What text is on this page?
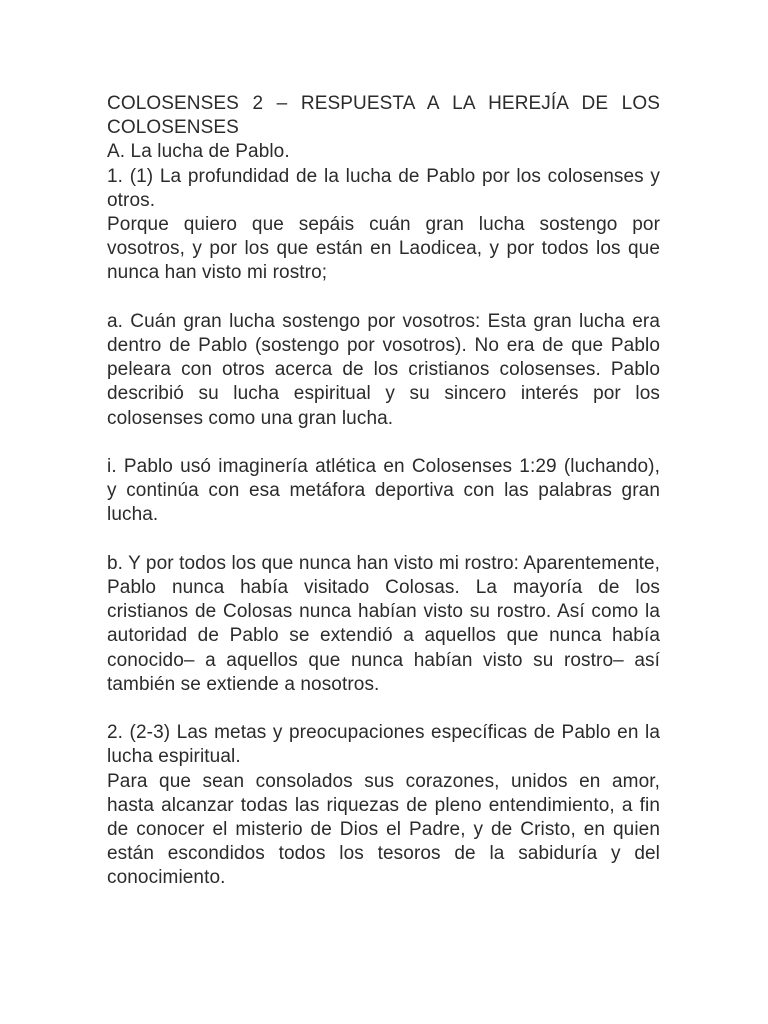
COLOSENSES 2 – RESPUESTA A LA HEREJÍA DE LOS COLOSENSES

A. La lucha de Pablo.

1. (1) La profundidad de la lucha de Pablo por los colosenses y otros.

Porque quiero que sepáis cuán gran lucha sostengo por vosotros, y por los que están en Laodicea, y por todos los que nunca han visto mi rostro;

a. Cuán gran lucha sostengo por vosotros: Esta gran lucha era dentro de Pablo (sostengo por vosotros). No era de que Pablo peleara con otros acerca de los cristianos colosenses. Pablo describió su lucha espiritual y su sincero interés por los colosenses como una gran lucha.

i. Pablo usó imaginería atlética en Colosenses 1:29 (luchando), y continúa con esa metáfora deportiva con las palabras gran lucha.

b. Y por todos los que nunca han visto mi rostro: Aparentemente, Pablo nunca había visitado Colosas. La mayoría de los cristianos de Colosas nunca habían visto su rostro. Así como la autoridad de Pablo se extendió a aquellos que nunca había conocido– a aquellos que nunca habían visto su rostro– así también se extiende a nosotros.

2. (2-3) Las metas y preocupaciones específicas de Pablo en la lucha espiritual.

Para que sean consolados sus corazones, unidos en amor, hasta alcanzar todas las riquezas de pleno entendimiento, a fin de conocer el misterio de Dios el Padre, y de Cristo, en quien están escondidos todos los tesoros de la sabiduría y del conocimiento.
